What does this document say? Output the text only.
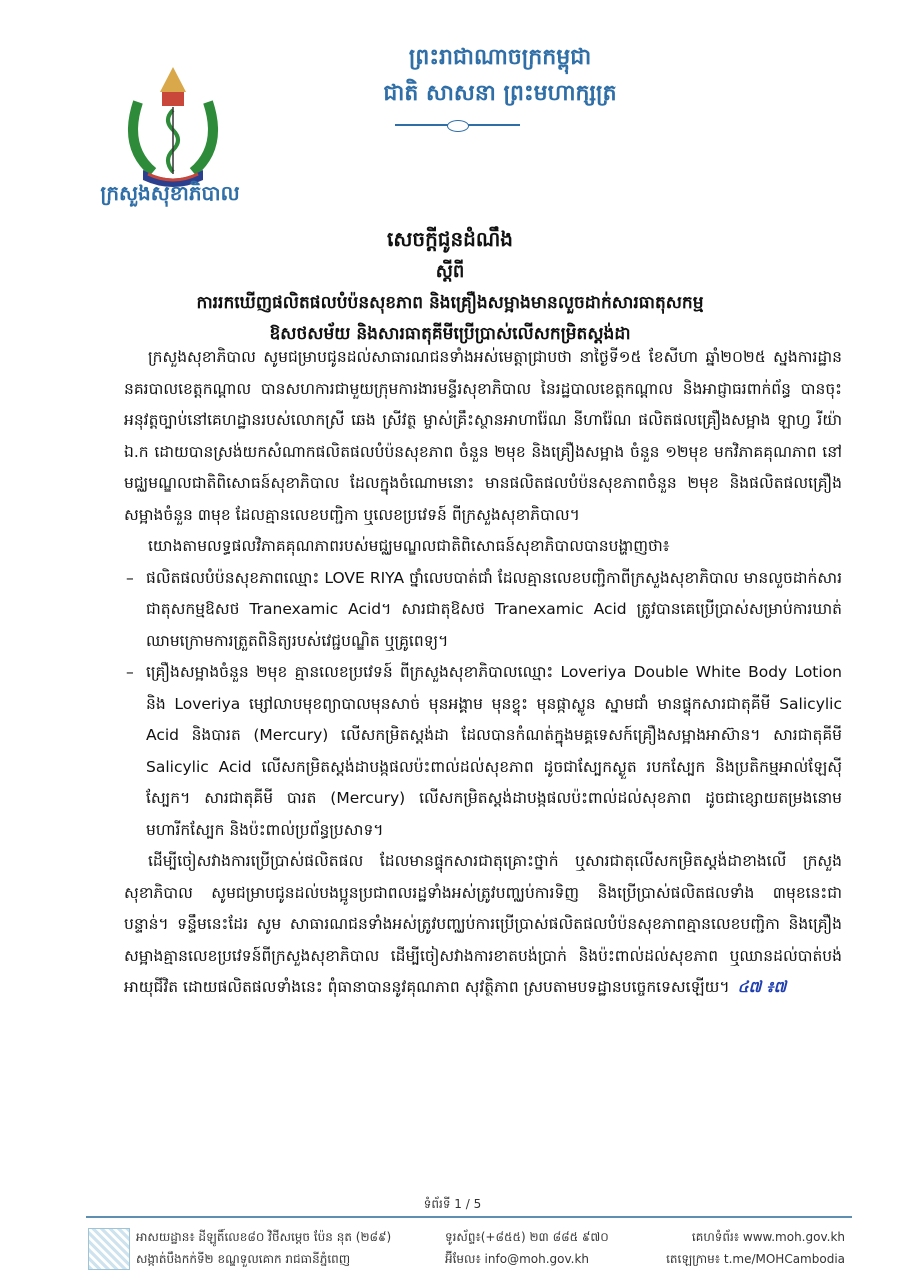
ព្រះរាជាណាចក្រកម្ពុជា
ជាតិ សាសនា ព្រះមហាក្សត្រ
ក្រសួងសុខាភិបាល
សេចក្តីជូនដំណឹង
ស្តីពី
ការរកឃើញផលិតផលបំប៉នសុខភាព និងគ្រឿងសម្អាងមានលួចដាក់សារធាតុសកម្ម
ឱសថសម័យ និងសារធាតុគីមីប្រើប្រាស់លើសកម្រិតស្តង់ដា

ក្រសួងសុខាភិបាល សូមជម្រាបជូនដល់សាធារណជនទាំងអស់មេត្តាជ្រាបថា នាថ្ងៃទី១៥ ខែសីហា ឆ្នាំ២០២៥ ស្នងការដ្ឋាននគរបាលខេត្តកណ្តាល បានសហការជាមួយក្រុមការងារមន្ទីរសុខាភិបាល នៃរដ្ឋបាលខេត្តកណ្តាល និងអាជ្ញាធរពាក់ព័ន្ធ បានចុះអនុវត្តច្បាប់នៅគេហដ្ឋានរបស់លោកស្រី ឆេង ស្រីវត្ថ ម្ចាស់គ្រឹះស្ថានអាហារ៉ែណ នីហារ៉ែណ ផលិតផលគ្រឿងសម្អាង ឡាហ្វ រីយ៉ា ឯ.ក ដោយបានស្រង់យកសំណាកផលិតផលបំប៉នសុខភាព ចំនួន ២មុខ និងគ្រឿងសម្អាង ចំនួន ១២មុខ មកវិភាគគុណភាព នៅមជ្ឈមណ្ឌលជាតិពិសោធន៍សុខាភិបាល ដែលក្នុងចំណោមនោះ មានផលិតផលបំប៉នសុខភាពចំនួន ២មុខ និងផលិតផលគ្រឿងសម្អាងចំនួន ៣មុខ ដែលគ្មានលេខបញ្ជិកា ឬលេខប្រវេទន៍ ពីក្រសួងសុខាភិបាល។

យោងតាមលទ្ធផលវិភាគគុណភាពរបស់មជ្ឈមណ្ឌលជាតិពិសោធន៍សុខាភិបាលបានបង្ហាញថា៖

– ផលិតផលបំប៉នសុខភាពឈ្មោះ LOVE RIYA ថ្នាំលេបបាត់ជាំ ដែលគ្មានលេខបញ្ជិកាពីក្រសួងសុខាភិបាល មានលួចដាក់សារជាតុសកម្មឱសថ Tranexamic Acid។ សារជាតុឱសថ Tranexamic Acid ត្រូវបានគេប្រើប្រាស់សម្រាប់ការឃាត់ឈាមក្រោមការត្រួតពិនិត្យរបស់វេជ្ជបណ្ឌិត ឬគ្រូពេទ្យ។
– គ្រឿងសម្អាងចំនួន ២មុខ គ្មានលេខប្រវេទន៍ ពីក្រសួងសុខាភិបាលឈ្មោះ Loveriya Double White Body Lotion និង Loveriya ម្សៅលាបមុខព្យាបាលមុនសាច់ មុនអង្គាម មុនខ្ទុះ មុនផ្កាស្លូន ស្នាមជាំ មានផ្ទុកសារជាតុគីមី Salicylic Acid និងបារត (Mercury) លើសកម្រិតស្តង់ដា ដែលបានកំណត់ក្នុងមគ្គទេសក៍គ្រឿងសម្អាងអាស៊ាន។ សារជាតុគីមី Salicylic Acid លើសកម្រិតស្តង់ដាបង្កផលប៉ះពាល់ដល់សុខភាព ដូចជាស្បែកស្ងួត របកស្បែក និងប្រតិកម្មអាល់ឡែស៊ីស្បែក។ សារជាតុគីមី បារត (Mercury) លើសកម្រិតស្តង់ដាបង្កផលប៉ះពាល់ដល់សុខភាព ដូចជាខ្សោយតម្រងនោម មហារីកស្បែក និងប៉ះពាល់ប្រព័ន្ធប្រសាទ។

ដើម្បីចៀសវាងការប្រើប្រាស់ផលិតផល ដែលមានផ្ទុកសារជាតុគ្រោះថ្នាក់ ឬសារជាតុលើសកម្រិតស្តង់ដាខាងលើ ក្រសួងសុខាភិបាល សូមជម្រាបជូនដល់បងប្អូនប្រជាពលរដ្ឋទាំងអស់ត្រូវបញ្ឈប់ការទិញ និងប្រើប្រាស់ផលិតផលទាំង ៣មុខនេះជាបន្ទាន់។ ទន្ទឹមនេះដែរ សូម សាធារណជនទាំងអស់ត្រូវបញ្ឈប់ការប្រើប្រាស់ផលិតផលបំប៉នសុខភាពគ្មានលេខបញ្ជិកា និងគ្រឿងសម្អាងគ្មានលេខប្រវេទន៍ពីក្រសួងសុខាភិបាល ដើម្បីចៀសវាងការខាតបង់ប្រាក់ និងប៉ះពាល់ដល់សុខភាព ឬឈានដល់បាត់បង់អាយុជីវិត ដោយផលិតផលទាំងនេះ ពុំធានាបាននូវគុណភាព សុវត្ថិភាព ស្របតាមបទដ្ឋានបច្ចេកទេសឡើយ។ ៤៧ ៖៧

ទំព័រទី 1 / 5
អាសយដ្ឋាន៖ ដីឡូតិ៍លេខ៨០ វិថីសម្តេច ប៉ែន នុត (២៨៩)
សង្កាត់បឹងកក់ទី២ ខណ្ឌទួលគោក រាជធានីភ្នំពេញ
ទូរស័ព្ទ៖(+៨៥៥) ២៣ ៨៨៥ ៩៧០
អ៊ីមែល៖ info@moh.gov.kh
គេហទំព័រ៖ www.moh.gov.kh
តេឡេក្រាម៖ t.me/MOHCambodia
